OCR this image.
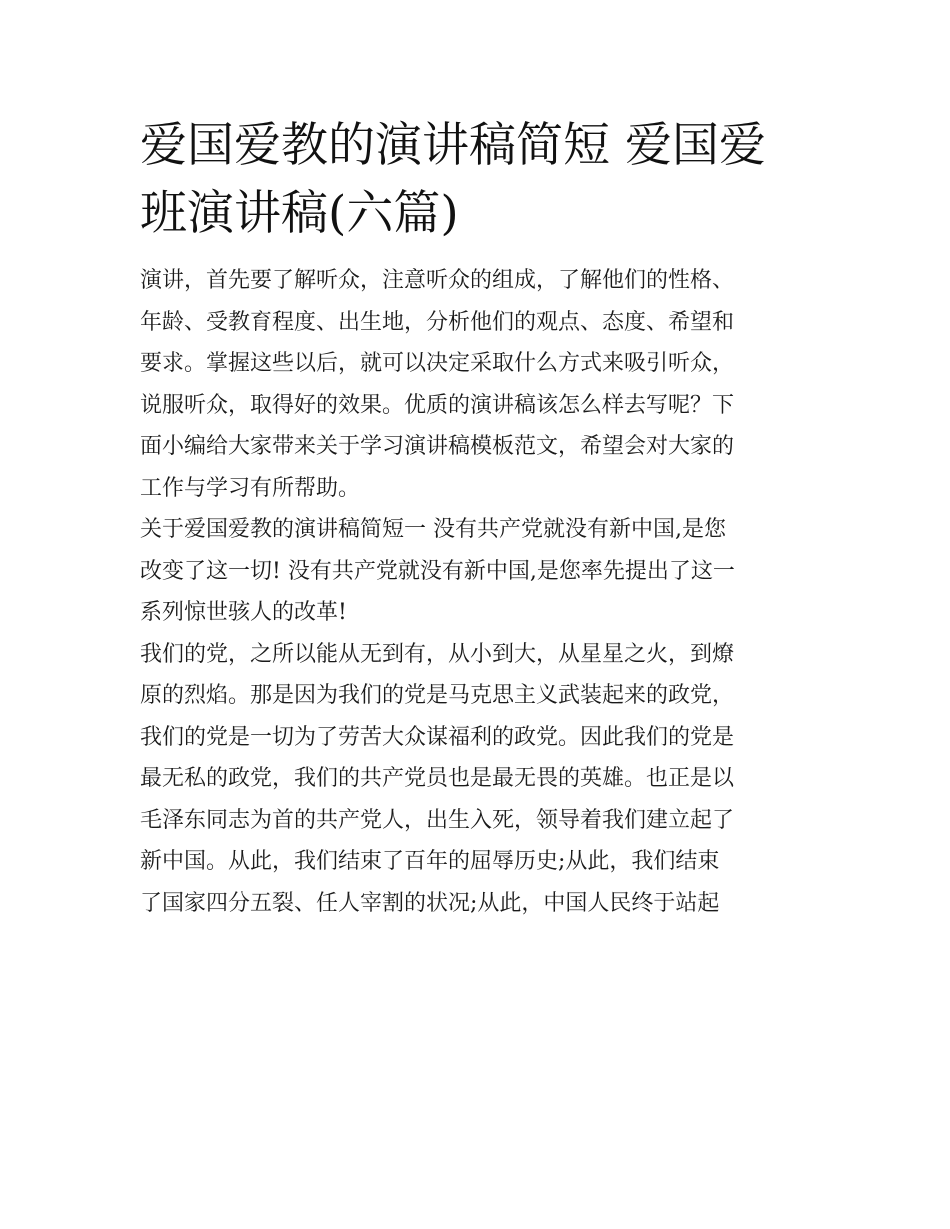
爱国爱教的演讲稿简短 爱国爱
班演讲稿(六篇)

演讲，首先要了解听众，注意听众的组成，了解他们的性格、
年龄、受教育程度、出生地，分析他们的观点、态度、希望和
要求。掌握这些以后，就可以决定采取什么方式来吸引听众，
说服听众，取得好的效果。优质的演讲稿该怎么样去写呢？下
面小编给大家带来关于学习演讲稿模板范文，希望会对大家的
工作与学习有所帮助。

关于爱国爱教的演讲稿简短一 没有共产党就没有新中国,是您
改变了这一切! 没有共产党就没有新中国,是您率先提出了这一
系列惊世骇人的改革!

我们的党，之所以能从无到有，从小到大，从星星之火，到燎
原的烈焰。那是因为我们的党是马克思主义武装起来的政党，
我们的党是一切为了劳苦大众谋福利的政党。因此我们的党是
最无私的政党，我们的共产党员也是最无畏的英雄。也正是以
毛泽东同志为首的共产党人，出生入死，领导着我们建立起了
新中国。从此，我们结束了百年的屈辱历史;从此，我们结束
了国家四分五裂、任人宰割的状况;从此，中国人民终于站起
